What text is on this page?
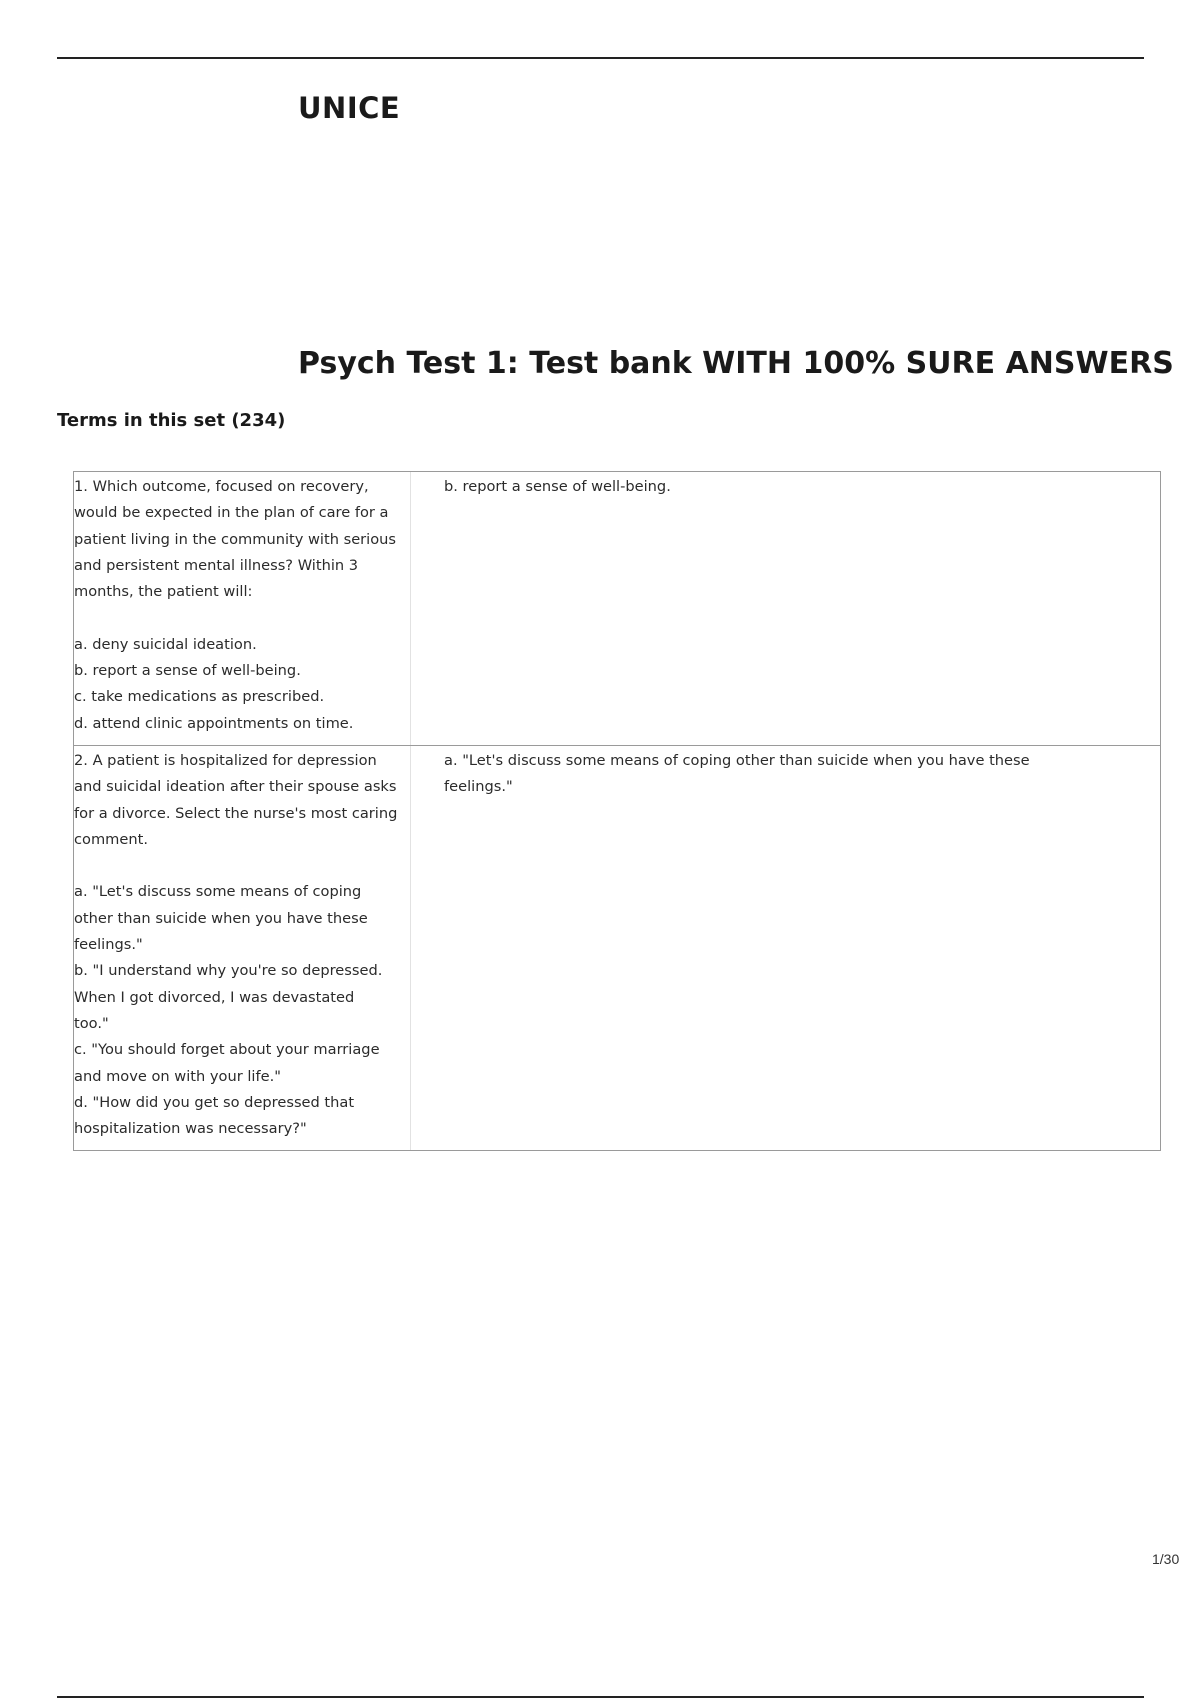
UNICE
Psych Test 1: Test bank WITH 100% SURE ANSWERS
Terms in this set (234)
1. Which outcome, focused on recovery,
would be expected in the plan of care for a
patient living in the community with serious
and persistent mental illness? Within 3
months, the patient will:
a. deny suicidal ideation.
b. report a sense of well-being.
c. take medications as prescribed.
d. attend clinic appointments on time.
b. report a sense of well-being.
2. A patient is hospitalized for depression
and suicidal ideation after their spouse asks
for a divorce. Select the nurse's most caring
comment.
a. "Let's discuss some means of coping
other than suicide when you have these
feelings."
b. "I understand why you're so depressed.
When I got divorced, I was devastated
too."
c. "You should forget about your marriage
and move on with your life."
d. "How did you get so depressed that
hospitalization was necessary?"
a. "Let's discuss some means of coping other than suicide when you have these
feelings."
1/30
